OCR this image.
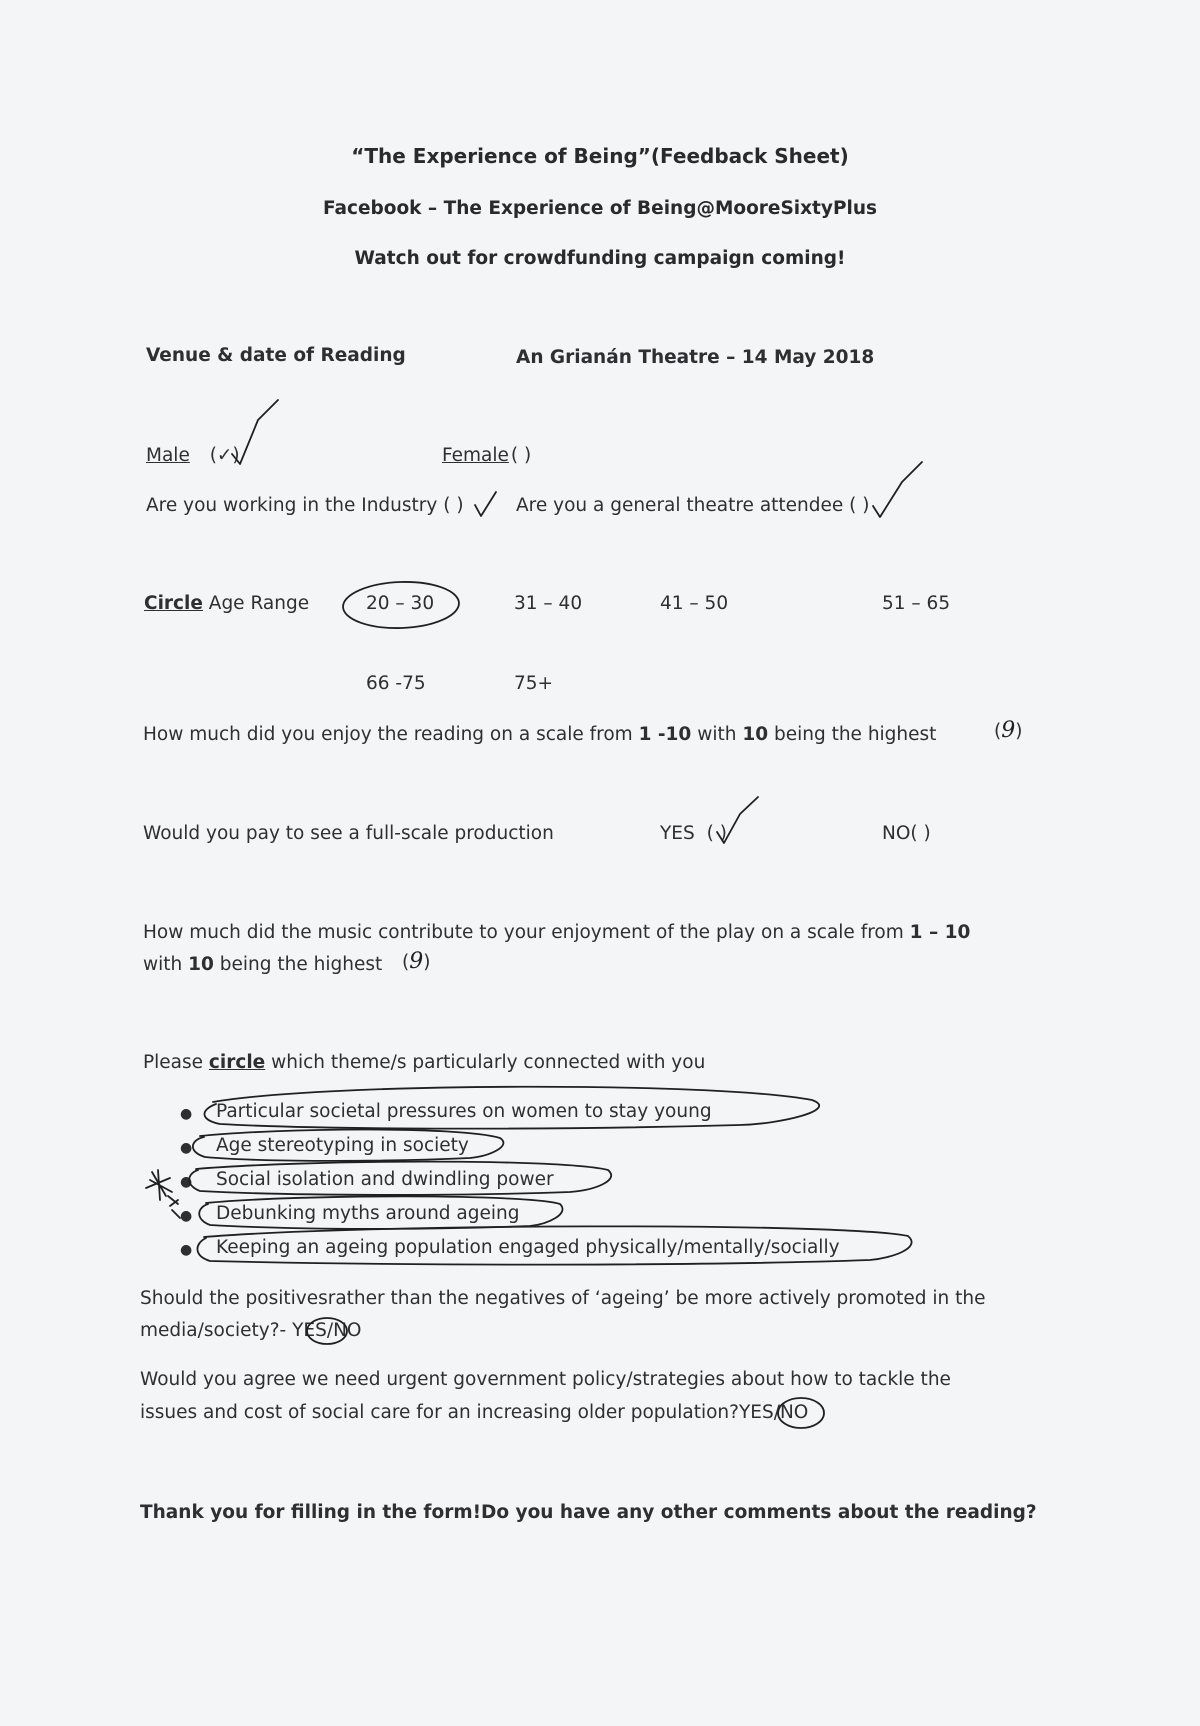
“The Experience of Being”(Feedback Sheet)
Facebook – The Experience of Being@MooreSixtyPlus
Watch out for crowdfunding campaign coming!
Venue & date of Reading	An Grianán Theatre – 14 May 2018
Male (✓)	Female ( )
Are you working in the Industry ( )	Are you a general theatre attendee ( )
Circle Age Range	20 – 30	31 – 40	41 – 50	51 – 65
66 -75	75+
How much did you enjoy the reading on a scale from 1 -10 with 10 being the highest	(9)
Would you pay to see a full-scale production	YES ( )	NO( )
How much did the music contribute to your enjoyment of the play on a scale from 1 – 10
with 10 being the highest (9)
Please circle which theme/s particularly connected with you
● Particular societal pressures on women to stay young
● Age stereotyping in society
● Social isolation and dwindling power
● Debunking myths around ageing
● Keeping an ageing population engaged physically/mentally/socially
Should the positivesrather than the negatives of ‘ageing’ be more actively promoted in the
media/society?- YES/NO
Would you agree we need urgent government policy/strategies about how to tackle the
issues and cost of social care for an increasing older population?YES/NO
Thank you for filling in the form!Do you have any other comments about the reading?
